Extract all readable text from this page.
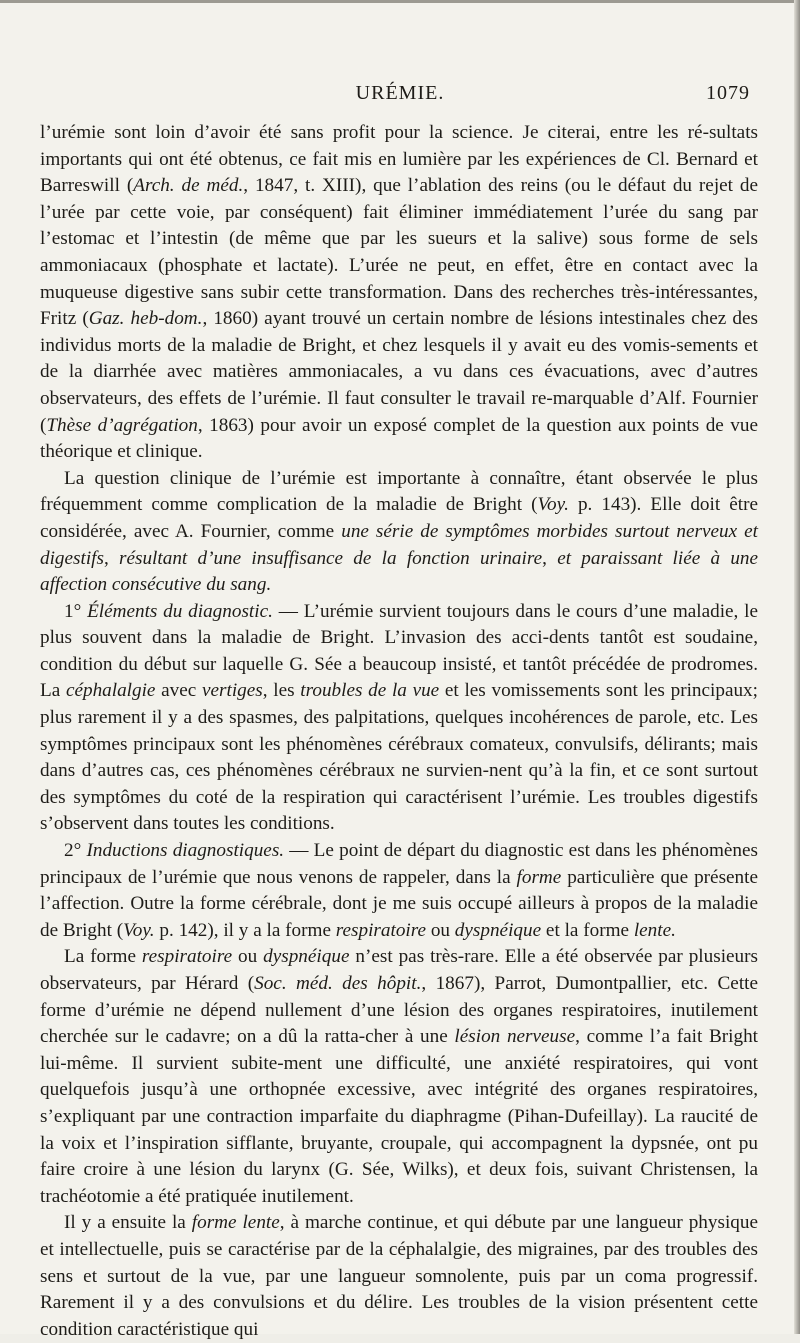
URÉMIE.	1079

l’urémie sont loin d’avoir été sans profit pour la science. Je citerai, entre les ré-sultats importants qui ont été obtenus, ce fait mis en lumière par les expériences de Cl. Bernard et Barreswill (Arch. de méd., 1847, t. XIII), que l’ablation des reins (ou le défaut du rejet de l’urée par cette voie, par conséquent) fait éliminer immédiatement l’urée du sang par l’estomac et l’intestin (de même que par les sueurs et la salive) sous forme de sels ammoniacaux (phosphate et lactate). L’urée ne peut, en effet, être en contact avec la muqueuse digestive sans subir cette transformation. Dans des recherches très-intéressantes, Fritz (Gaz. heb-dom., 1860) ayant trouvé un certain nombre de lésions intestinales chez des individus morts de la maladie de Bright, et chez lesquels il y avait eu des vomis-sements et de la diarrhée avec matières ammoniacales, a vu dans ces évacuations, avec d’autres observateurs, des effets de l’urémie. Il faut consulter le travail re-marquable d’Alf. Fournier (Thèse d’agrégation, 1863) pour avoir un exposé complet de la question aux points de vue théorique et clinique.

La question clinique de l’urémie est importante à connaître, étant observée le plus fréquemment comme complication de la maladie de Bright (Voy. p. 143). Elle doit être considérée, avec A. Fournier, comme une série de symptômes morbides surtout nerveux et digestifs, résultant d’une insuffisance de la fonction urinaire, et paraissant liée à une affection consécutive du sang.

1° Éléments du diagnostic. — L’urémie survient toujours dans le cours d’une maladie, le plus souvent dans la maladie de Bright. L’invasion des acci-dents tantôt est soudaine, condition du début sur laquelle G. Sée a beaucoup insisté, et tantôt précédée de prodromes. La céphalalgie avec vertiges, les troubles de la vue et les vomissements sont les principaux; plus rarement il y a des spasmes, des palpitations, quelques incohérences de parole, etc. Les symptômes principaux sont les phénomènes cérébraux comateux, convulsifs, délirants; mais dans d’autres cas, ces phénomènes cérébraux ne survien-nent qu’à la fin, et ce sont surtout des symptômes du coté de la respiration qui caractérisent l’urémie. Les troubles digestifs s’observent dans toutes les conditions.

2° Inductions diagnostiques. — Le point de départ du diagnostic est dans les phénomènes principaux de l’urémie que nous venons de rappeler, dans la forme particulière que présente l’affection. Outre la forme cérébrale, dont je me suis occupé ailleurs à propos de la maladie de Bright (Voy. p. 142), il y a la forme respiratoire ou dyspnéique et la forme lente.

La forme respiratoire ou dyspnéique n’est pas très-rare. Elle a été observée par plusieurs observateurs, par Hérard (Soc. méd. des hôpit., 1867), Parrot, Dumontpallier, etc. Cette forme d’urémie ne dépend nullement d’une lésion des organes respiratoires, inutilement cherchée sur le cadavre; on a dû la ratta-cher à une lésion nerveuse, comme l’a fait Bright lui-même. Il survient subite-ment une difficulté, une anxiété respiratoires, qui vont quelquefois jusqu’à une orthopnée excessive, avec intégrité des organes respiratoires, s’expliquant par une contraction imparfaite du diaphragme (Pihan-Dufeillay). La raucité de la voix et l’inspiration sifflante, bruyante, croupale, qui accompagnent la dypsnée, ont pu faire croire à une lésion du larynx (G. Sée, Wilks), et deux fois, suivant Christensen, la trachéotomie a été pratiquée inutilement.

Il y a ensuite la forme lente, à marche continue, et qui débute par une langueur physique et intellectuelle, puis se caractérise par de la céphalalgie, des migraines, par des troubles des sens et surtout de la vue, par une langueur somnolente, puis par un coma progressif. Rarement il y a des convulsions et du délire. Les troubles de la vision présentent cette condition caractéristique qui
